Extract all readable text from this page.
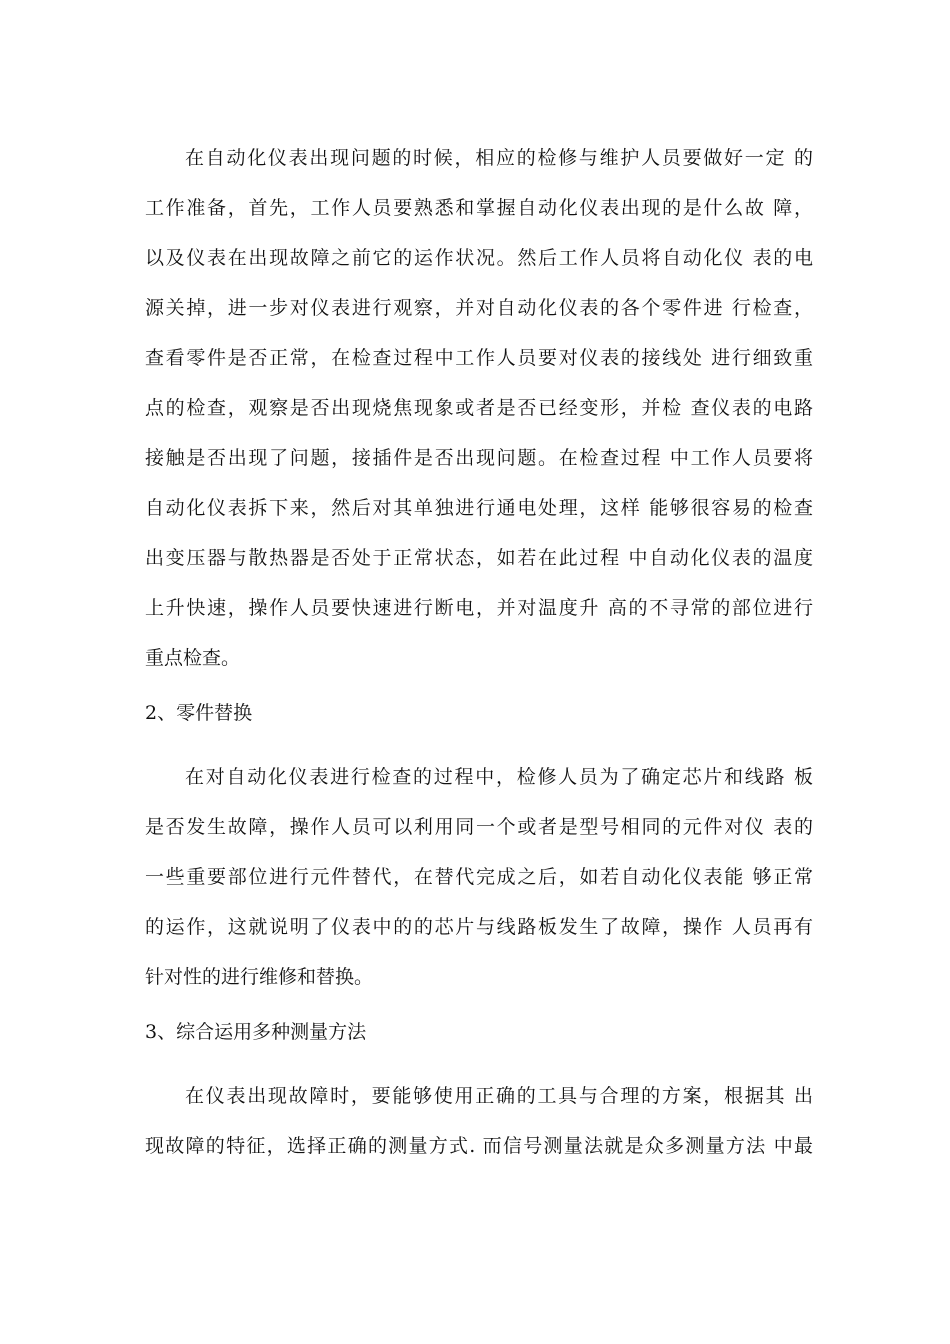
在自动化仪表出现问题的时候，相应的检修与维护人员要做好一定 的
工作准备，首先，工作人员要熟悉和掌握自动化仪表出现的是什么故 障，
以及仪表在出现故障之前它的运作状况。然后工作人员将自动化仪 表的电
源关掉，进一步对仪表进行观察，并对自动化仪表的各个零件进 行检查，
查看零件是否正常，在检查过程中工作人员要对仪表的接线处 进行细致重
点的检查，观察是否出现烧焦现象或者是否已经变形，并检 查仪表的电路
接触是否出现了问题，接插件是否出现问题。在检查过程 中工作人员要将
自动化仪表拆下来，然后对其单独进行通电处理，这样 能够很容易的检查
出变压器与散热器是否处于正常状态，如若在此过程 中自动化仪表的温度
上升快速，操作人员要快速进行断电，并对温度升 高的不寻常的部位进行
重点检查。
2、零件替换
在对自动化仪表进行检查的过程中，检修人员为了确定芯片和线路 板
是否发生故障，操作人员可以利用同一个或者是型号相同的元件对仪 表的
一些重要部位进行元件替代，在替代完成之后，如若自动化仪表能 够正常
的运作，这就说明了仪表中的的芯片与线路板发生了故障，操作 人员再有
针对性的进行维修和替换。
3、综合运用多种测量方法
在仪表出现故障时，要能够使用正确的工具与合理的方案，根据其 出
现故障的特征，选择正确的测量方式. 而信号测量法就是众多测量方法 中最
